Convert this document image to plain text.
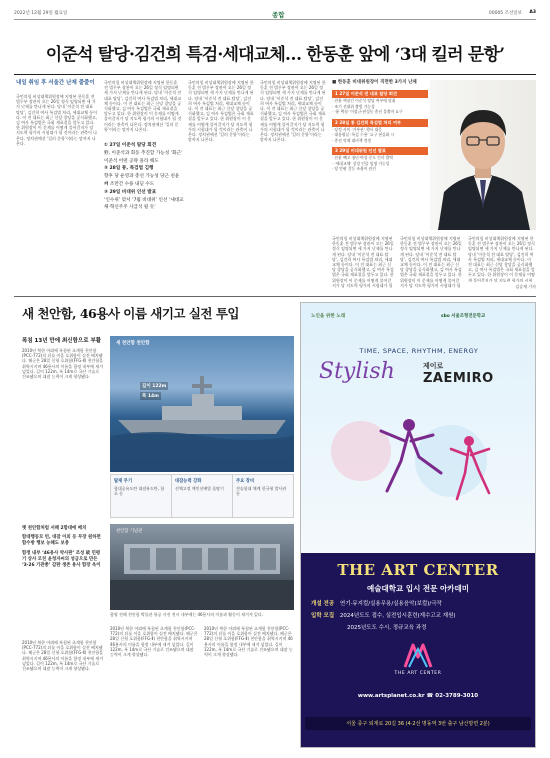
2022년 12월 29일 월요일	종합	00005 조선일보 A3
이준석 탈당·김건희 특검·세대교체… 한동훈 앞에 ‘3대 킬러 문항’
내일 취임 후 서울간 난제 줄줄이
국민의힘 비상대책위원장에 지명된 한동훈 전 법무부 장관이 오는 26일 정식 임명되면 세 가지 난제를 만나게 된다. 당내 ‘이준석 전 대표 탈당’, 김건희 여사 특검법 처리, 세대교체 등이다. 이 전 대표는 최근 신당 창당을 공식화했고, 김 여사 특검법은 국회 재표결을 앞두고 있다. 한 위원장이 이 문제를 어떻게 풀어갈지가 당 지도력 평가의 시험대가 될 것이라는 관측이 나온다. 정치권에선 ‘킬러 문항’이라는 말까지 나온다.
국민의힘 비상대책위원장에 지명된 한동훈 전 법무부 장관이 오는 26일 정식 임명되면 세 가지 난제를 만나게 된다. 당내 ‘이준석 전 대표 탈당’, 김건희 여사 특검법 처리, 세대교체 등이다. 이 전 대표는 최근 신당 창당을 공식화했고, 김 여사 특검법은 국회 재표결을 앞두고 있다. 한 위원장이 이 문제를 어떻게 풀어갈지가 당 지도력 평가의 시험대가 될 것이라는 관측이 나온다. 정치권에선 ‘킬러 문항’이라는 말까지 나온다.
① 27일 이준석 탈당 회견
野, 이준석과 회동 추진할 가능성 ‘화근’ 이준석 어떤 공략 올라 해도
② 28일 통, 특검법 김행
향후 당 운영과 총선 가능성 당근 친윤 빼 조만간 수용 내딛 수도
③ 29일 비대위 인선 발표
‘인수위’ 맞서 ‘7월 비대위’ 인선 ‘새대교체·혁신주주 사급석 될 듯’
국민의힘 비상대책위원장에 지명된 한동훈 전 법무부 장관이 오는 26일 정식 임명되면 세 가지 난제를 만나게 된다. 당내 ‘이준석 전 대표 탈당’, 김건희 여사 특검법 처리, 세대교체 등이다. 이 전 대표는 최근 신당 창당을 공식화했고, 김 여사 특검법은 국회 재표결을 앞두고 있다. 한 위원장이 이 문제를 어떻게 풀어갈지가 당 지도력 평가의 시험대가 될 것이라는 관측이 나온다. 정치권에선 ‘킬러 문항’이라는 말까지 나온다.
국민의힘 비상대책위원장에 지명된 한동훈 전 법무부 장관이 오는 26일 정식 임명되면 세 가지 난제를 만나게 된다. 당내 ‘이준석 전 대표 탈당’, 김건희 여사 특검법 처리, 세대교체 등이다. 이 전 대표는 최근 신당 창당을 공식화했고, 김 여사 특검법은 국회 재표결을 앞두고 있다. 한 위원장이 이 문제를 어떻게 풀어갈지가 당 지도력 평가의 시험대가 될 것이라는 관측이 나온다. 정치권에선 ‘킬러 문항’이라는 말까지 나온다.
■ 한동훈 비대위원장이 직면한 3가지 난제
1 27일 이준석 전 대표 탈당 회견
· 친윤 핵심인 이준석 탈당 여부에 맞춰
· 조기 선대위 출범 가능성
· ‘윤 핵심’ 이철규·권성동 총선 불출마 요구
2 28일 통 김건희 특검법 처리 여부
· 당정 사이 ‘거부권’ 행사 대응
· 대통령실 ‘특검 수용’ 요구 현실화 시
· 총선 악재 대비책 정정
3 29일 비대위원 인선 발표
· 친윤 빼고 청년·여성·중도 인사 발탁
· ‘세대교체’ 상징 인물 임명 가능성
· 당 안팎 갈등 조율이 관건
국민의힘 비상대책위원장에 지명된 한동훈 전 법무부 장관이 오는 26일 정식 임명되면 세 가지 난제를 만나게 된다. 당내 ‘이준석 전 대표 탈당’, 김건희 여사 특검법 처리, 세대교체 등이다. 이 전 대표는 최근 신당 창당을 공식화했고, 김 여사 특검법은 국회 재표결을 앞두고 있다. 한 위원장이 이 문제를 어떻게 풀어갈지가 당 지도력 평가의 시험대가 될
국민의힘 비상대책위원장에 지명된 한동훈 전 법무부 장관이 오는 26일 정식 임명되면 세 가지 난제를 만나게 된다. 당내 ‘이준석 전 대표 탈당’, 김건희 여사 특검법 처리, 세대교체 등이다. 이 전 대표는 최근 신당 창당을 공식화했고, 김 여사 특검법은 국회 재표결을 앞두고 있다. 한 위원장이 이 문제를 어떻게 풀어갈지가 당 지도력 평가의 시험대가 될
국민의힘 비상대책위원장에 지명된 한동훈 전 법무부 장관이 오는 26일 정식 임명되면 세 가지 난제를 만나게 된다. 당내 ‘이준석 전 대표 탈당’, 김건희 여사 특검법 처리, 세대교체 등이다. 이 전 대표는 최근 신당 창당을 공식화했고, 김 여사 특검법은 국회 재표결을 앞두고 있다. 한 위원장이 이 문제를 어떻게 풀어갈지가 당 지도력 평가의 시험
김승재 기자
새 천안함, 46용사 이름 새기고 실전 투입
폭침 13년 만에 최신함으로 부활
2010년 북한 어뢰에 폭침된 초계함 천안함(PCC-772)의 뒤를 이을 호위함이 실전 배치됐다. 해군은 28일 신형 호위함(FFG-Ⅱ) 천안함을 취역시키며 46용사의 이름을 함정 내부에 새겨 넣었다. 길이 122m, 폭 14m로 국산 기술로 건조됐으며 대잠 능력이 크게 향상됐다.
새 천안함 천안함
길이 122m
폭 14m
탑재 무기
함대공유도탄 대잠유도탄, 함포 등
대잠능력 강화
선체고정 예인선배열 음탐기
주요 장비
전술함대 체계 한국형 발사관 등
옛 천안함처럼 서해 2함대에 배치
함대행동모 빈, 대잠 이외 등 무장 원하면 함수방 행보 농해도 보충
함정 내부 ‘46용사 약사판’ 조성 故 민평기 상사 모친 윤청자씨의 성금으로 만든 ‘3·26 기관총’ 갑판 생존 용사 함장 옥이
2010년 북한 어뢰에 폭침된 초계함 천안함(PCC-772)의 뒤를 이을 호위함이 실전 배치됐다. 해군은 28일 신형 호위함(FFG-Ⅱ) 천안함을 취역시키며 46용사의 이름을 함정 내부에 새겨 넣었다. 길이 122m, 폭 14m로 국산 기술로 건조됐으며 대잠 능력이 크게 향상됐다.
천안함 기념관
함영 전해 천안함 박물관 항공 사진 전시 내부에는 46용사의 이름과 활동이 새겨져 있다.
2010년 북한 어뢰에 폭침된 초계함 천안함(PCC-772)의 뒤를 이을 호위함이 실전 배치됐다. 해군은 28일 신형 호위함(FFG-Ⅱ) 천안함을 취역시키며 46용사의 이름을 함정 내부에 새겨 넣었다. 길이 122m, 폭 14m로 국산 기술로 건조됐으며 대잠 능력이 크게 향상됐다.
2010년 북한 어뢰에 폭침된 초계함 천안함(PCC-772)의 뒤를 이을 호위함이 실전 배치됐다. 해군은 28일 신형 호위함(FFG-Ⅱ) 천안함을 취역시키며 46용사의 이름을 함정 내부에 새겨 넣었다. 길이 122m, 폭 14m로 국산 기술로 건조됐으며 대잠 능력이 크게 향상됐다.
노인을 위한 노래	sbo 서울조형전문학교
TIME, SPACE, RHYTHM, ENERGY
Stylish	제이로
ZAEMIRO
THE ART CENTER
예술대학교 입시 전문 아카데미
개설 전공 연기·뮤지컬/실용무용/실용음악(보컬)/극작
입학 모집 2024년도도 접수, 실전입시훈련(재수고교 재원)
2025년도도 수시, 정규교육 과정
THE ART CENTER
www.artsplanet.co.kr ☎ 02-3789-3010
서울 종구 퇴계로 20길 36 (4·2선 명동역 3번 출구 남산방면 2분)
